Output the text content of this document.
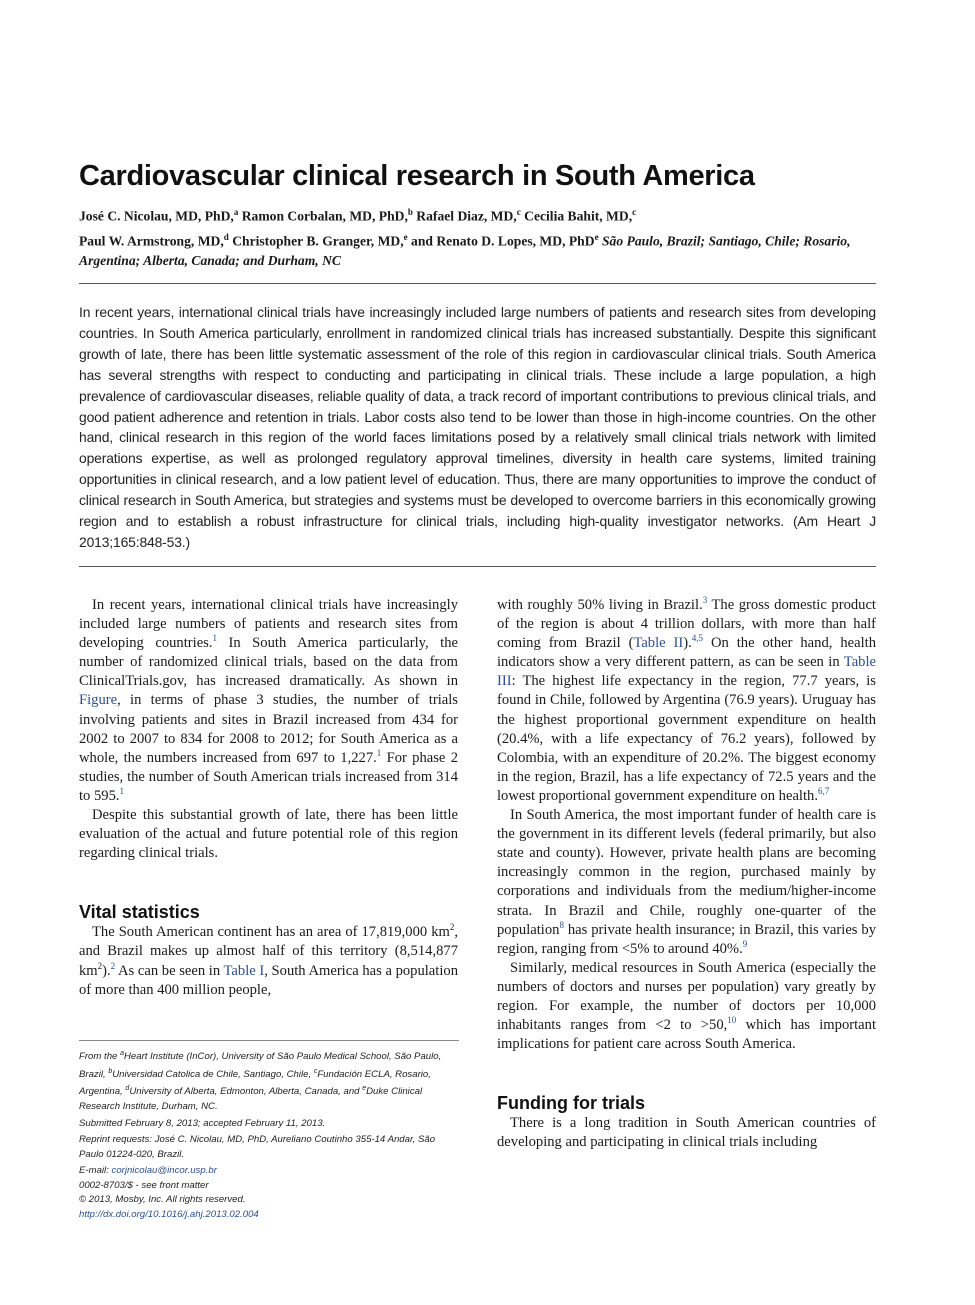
Cardiovascular clinical research in South America
José C. Nicolau, MD, PhD,$^a$ Ramon Corbalan, MD, PhD,$^b$ Rafael Diaz, MD,$^c$ Cecilia Bahit, MD,$^c$
Paul W. Armstrong, MD,$^d$ Christopher B. Granger, MD,$^e$ and Renato D. Lopes, MD, PhD$^e$ São Paulo, Brazil; Santiago, Chile; Rosario, Argentina; Alberta, Canada; and Durham, NC
In recent years, international clinical trials have increasingly included large numbers of patients and research sites from developing countries. In South America particularly, enrollment in randomized clinical trials has increased substantially. Despite this significant growth of late, there has been little systematic assessment of the role of this region in cardiovascular clinical trials. South America has several strengths with respect to conducting and participating in clinical trials. These include a large population, a high prevalence of cardiovascular diseases, reliable quality of data, a track record of important contributions to previous clinical trials, and good patient adherence and retention in trials. Labor costs also tend to be lower than those in high-income countries. On the other hand, clinical research in this region of the world faces limitations posed by a relatively small clinical trials network with limited operations expertise, as well as prolonged regulatory approval timelines, diversity in health care systems, limited training opportunities in clinical research, and a low patient level of education. Thus, there are many opportunities to improve the conduct of clinical research in South America, but strategies and systems must be developed to overcome barriers in this economically growing region and to establish a robust infrastructure for clinical trials, including high-quality investigator networks. (Am Heart J 2013;165:848-53.)

In recent years, international clinical trials have increasingly included large numbers of patients and research sites from developing countries.$^1$ In South America particularly, the number of randomized clinical trials, based on the data from ClinicalTrials.gov, has increased dramatically. As shown in Figure, in terms of phase 3 studies, the number of trials involving patients and sites in Brazil increased from 434 for 2002 to 2007 to 834 for 2008 to 2012; for South America as a whole, the numbers increased from 697 to 1,227.$^1$ For phase 2 studies, the number of South American trials increased from 314 to 595.$^1$

Despite this substantial growth of late, there has been little evaluation of the actual and future potential role of this region regarding clinical trials.

Vital statistics

The South American continent has an area of 17,819,000 $km^2$, and Brazil makes up almost half of this territory (8,514,877 $km^2).^2$ As can be seen in Table I, South America has a population of more than 400 million people,

with roughly 50% living in Brazil.$^3$ The gross domestic product of the region is about 4 trillion dollars, with more than half coming from Brazil (Table II).$^{4,5}$ On the other hand, health indicators show a very different pattern, as can be seen in Table III: The highest life expectancy in the region, 77.7 years, is found in Chile, followed by Argentina (76.9 years). Uruguay has the highest proportional government expenditure on health (20.4%, with a life expectancy of 76.2 years), followed by Colombia, with an expenditure of 20.2%. The biggest economy in the region, Brazil, has a life expectancy of 72.5 years and the lowest proportional government expenditure on health.$^{6,7}$

In South America, the most important funder of health care is the government in its different levels (federal primarily, but also state and county). However, private health plans are becoming increasingly common in the region, purchased mainly by corporations and individuals from the medium/higher-income strata. In Brazil and Chile, roughly one-quarter of the population$^8$ has private health insurance; in Brazil, this varies by region, ranging from <5% to around 40%.$^9$

Similarly, medical resources in South America (especially the numbers of doctors and nurses per population) vary greatly by region. For example, the number of doctors per 10,000 inhabitants ranges from <2 to >50,10 which has important implications for patient care across South America.

Funding for trials

There is a long tradition in South American countries of developing and participating in clinical trials including

From the $^a$Heart Institute (InCor), University of São Paulo Medical School, São Paulo, Brazil, $^b$Universidad Catolica de Chile, Santiago, Chile, $^c$Fundación ECLA, Rosario, Argentina, $^d$University of Alberta, Edmonton, Alberta, Canada, and $^e$Duke Clinical Research Institute, Durham, NC.
Submitted February 8, 2013; accepted February 11, 2013.
Reprint requests: José C. Nicolau, MD, PhD, Aureliano Coutinho 355-14 Andar, São Paulo 01224-020, Brazil.
E-mail: corjnicolau@incor.usp.br
0002-8703/$ - see front matter
© 2013, Mosby, Inc. All rights reserved.
http://dx.doi.org/10.1016/j.ahj.2013.02.004
